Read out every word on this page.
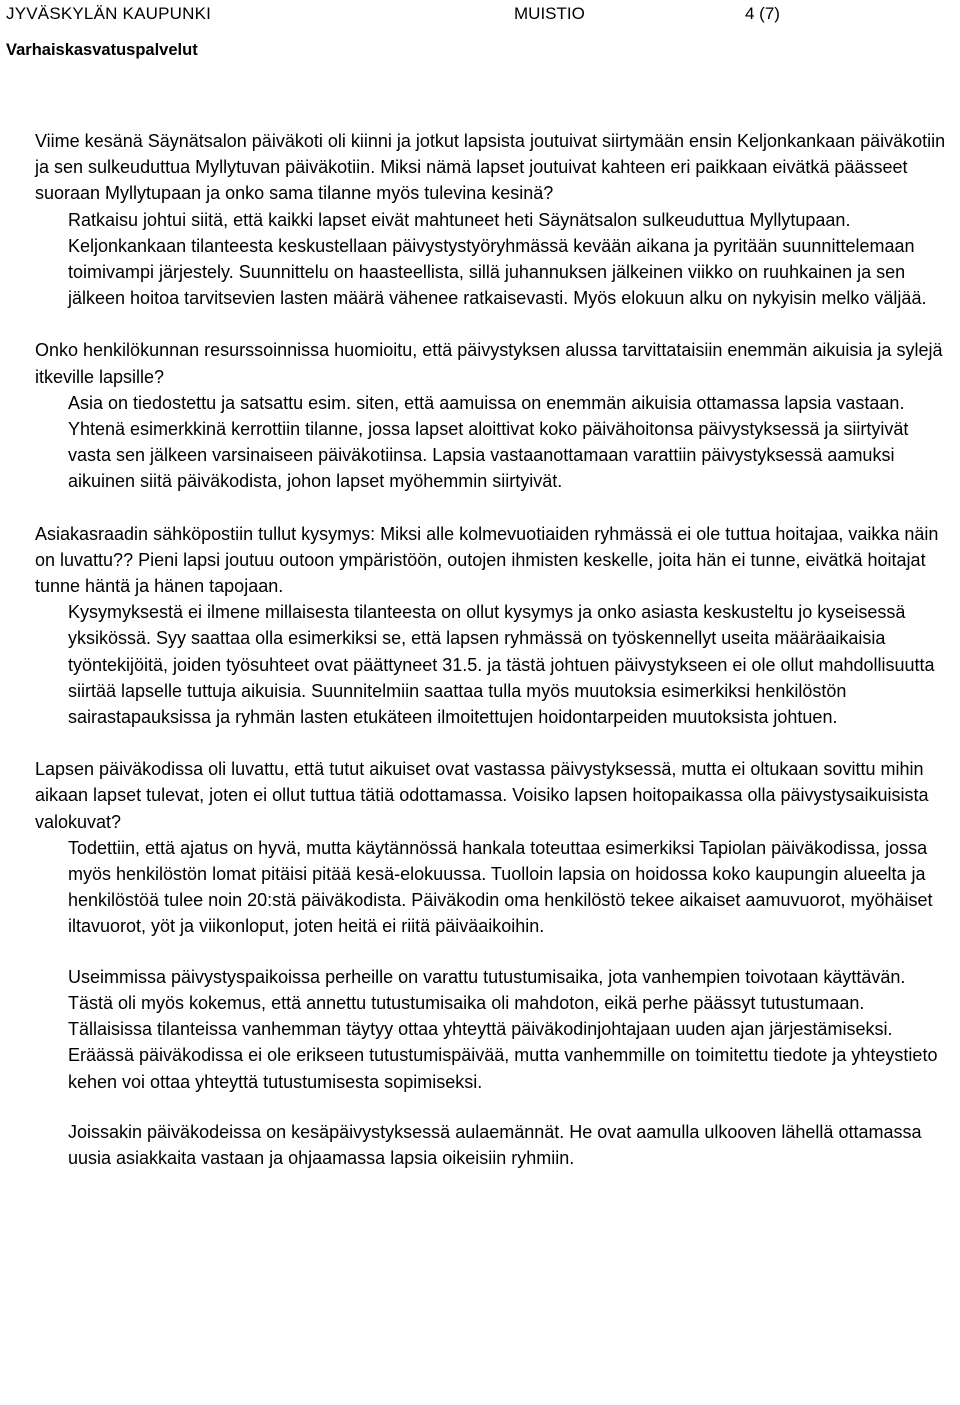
JYVÄSKYLÄN KAUPUNKI	MUISTIO	4 (7)
Varhaiskasvatuspalvelut

Viime kesänä Säynätsalon päiväkoti oli kiinni ja jotkut lapsista joutuivat siirtymään ensin Keljonkankaan päiväkotiin ja sen sulkeuduttua Myllytuvan päiväkotiin. Miksi nämä lapset joutuivat kahteen eri paikkaan eivätkä päässeet suoraan Myllytupaan ja onko sama tilanne myös tulevina kesinä?

Ratkaisu johtui siitä, että kaikki lapset eivät mahtuneet heti Säynätsalon sulkeuduttua Myllytupaan. Keljonkankaan tilanteesta keskustellaan päivystystyöryhmässä kevään aikana ja pyritään suunnittelemaan toimivampi järjestely. Suunnittelu on haasteellista, sillä juhannuksen jälkeinen viikko on ruuhkainen ja sen jälkeen hoitoa tarvitsevien lasten määrä vähenee ratkaisevasti. Myös elokuun alku on nykyisin melko väljää.

Onko henkilökunnan resurssoinnissa huomioitu, että päivystyksen alussa tarvittataisiin enemmän aikuisia ja sylejä itkeville lapsille?

Asia on tiedostettu ja satsattu esim. siten, että aamuissa on enemmän aikuisia ottamassa lapsia vastaan. Yhtenä esimerkkinä kerrottiin tilanne, jossa lapset aloittivat koko päivähoitonsa päivystyksessä ja siirtyivät vasta sen jälkeen varsinaiseen päiväkotiinsa. Lapsia vastaanottamaan varattiin päivystyksessä aamuksi aikuinen siitä päiväkodista, johon lapset myöhemmin siirtyivät.

Asiakasraadin sähköpostiin tullut kysymys: Miksi alle kolmevuotiaiden ryhmässä ei ole tuttua hoitajaa, vaikka näin on luvattu?? Pieni lapsi joutuu outoon ympäristöön, outojen ihmisten keskelle, joita hän ei tunne, eivätkä hoitajat tunne häntä ja hänen tapojaan.

Kysymyksestä ei ilmene millaisesta tilanteesta on ollut kysymys ja onko asiasta keskusteltu jo kyseisessä yksikössä. Syy saattaa olla esimerkiksi se, että lapsen ryhmässä on työskennellyt useita määräaikaisia työntekijöitä, joiden työsuhteet ovat päättyneet 31.5. ja tästä johtuen päivystykseen ei ole ollut mahdollisuutta siirtää lapselle tuttuja aikuisia. Suunnitelmiin saattaa tulla myös muutoksia esimerkiksi henkilöstön sairastapauksissa ja ryhmän lasten etukäteen ilmoitettujen hoidontarpeiden muutoksista johtuen.

Lapsen päiväkodissa oli luvattu, että tutut aikuiset ovat vastassa päivystyksessä, mutta ei oltukaan sovittu mihin aikaan lapset tulevat, joten ei ollut tuttua tätiä odottamassa. Voisiko lapsen hoitopaikassa olla päivystysaikuisista valokuvat?

Todettiin, että ajatus on hyvä, mutta käytännössä hankala toteuttaa esimerkiksi Tapiolan päiväkodissa, jossa myös henkilöstön lomat pitäisi pitää kesä-elokuussa. Tuolloin lapsia on hoidossa koko kaupungin alueelta ja henkilöstöä tulee noin 20:stä päiväkodista. Päiväkodin oma henkilöstö tekee aikaiset aamuvuorot, myöhäiset iltavuorot, yöt ja viikonloput, joten heitä ei riitä päiväaikoihin.

Useimmissa päivystyspaikoissa perheille on varattu tutustumisaika, jota vanhempien toivotaan käyttävän. Tästä oli myös kokemus, että annettu tutustumisaika oli mahdoton, eikä perhe päässyt tutustumaan. Tällaisissa tilanteissa vanhemman täytyy ottaa yhteyttä päiväkodinjohtajaan uuden ajan järjestämiseksi. Eräässä päiväkodissa ei ole erikseen tutustumispäivää, mutta vanhemmille on toimitettu tiedote ja yhteystieto kehen voi ottaa yhteyttä tutustumisesta sopimiseksi.

Joissakin päiväkodeissa on kesäpäivystyksessä aulaemännät. He ovat aamulla ulkooven lähellä ottamassa uusia asiakkaita vastaan ja ohjaamassa lapsia oikeisiin ryhmiin.
